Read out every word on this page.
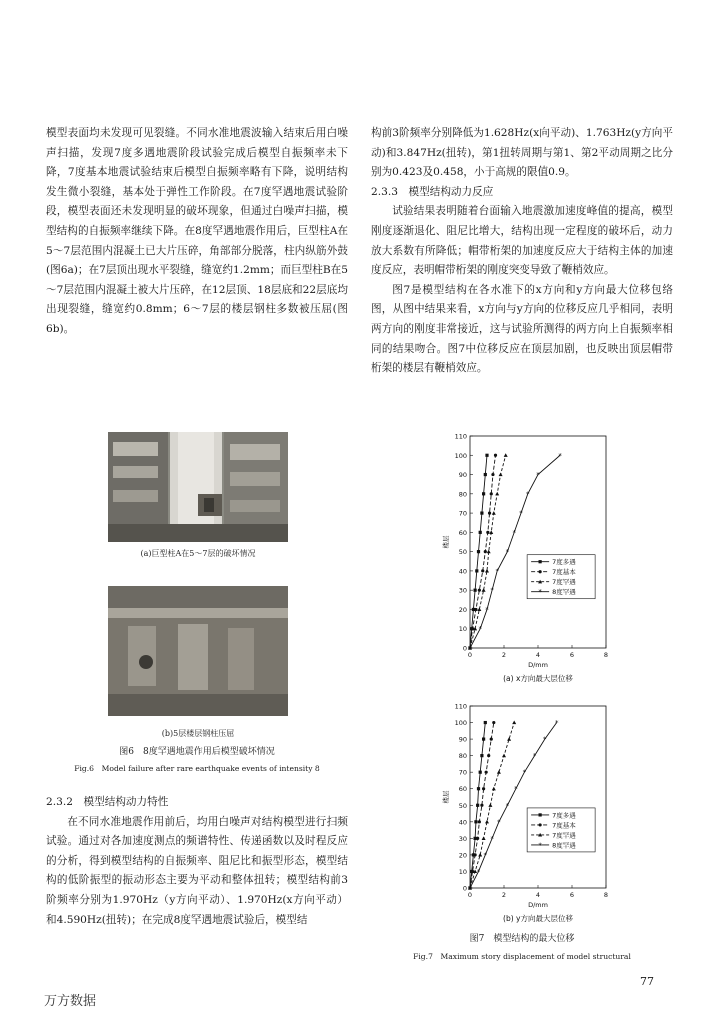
模型表面均未发现可见裂缝。不同水准地震波输入结束后用白噪声扫描，发现7度多遇地震阶段试验完成后模型自振频率未下降，7度基本地震试验结束后模型自振频率略有下降，说明结构发生微小裂缝，基本处于弹性工作阶段。在7度罕遇地震试验阶段，模型表面还未发现明显的破坏现象，但通过白噪声扫描，模型结构的自振频率继续下降。在8度罕遇地震作用后，巨型柱A在5～7层范围内混凝土已大片压碎，角部部分脱落，柱内纵筋外鼓(图6a)；在7层顶出现水平裂缝，缝宽约1.2mm；而巨型柱B在5～7层范围内混凝土被大片压碎，在12层顶、18层底和22层底均出现裂缝，缝宽约0.8mm；6～7层的楼层钢柱多数被压屈(图6b)。

(a)巨型柱A在5～7层的破坏情况
(b)5层楼层钢柱压屈
图6　8度罕遇地震作用后模型破坏情况
Fig.6　Model failure after rare earthquake events of intensity 8

2.3.2　模型结构动力特性

在不同水准地震作用前后，均用白噪声对结构模型进行扫频试验。通过对各加速度测点的频谱特性、传递函数以及时程反应的分析，得到模型结构的自振频率、阻尼比和振型形态，模型结构的低阶振型的振动形态主要为平动和整体扭转；模型结构前3阶频率分别为1.970Hz（y方向平动）、1.970Hz(x方向平动）和4.590Hz(扭转)；在完成8度罕遇地震试验后，模型结

构前3阶频率分别降低为1.628Hz(x向平动)、1.763Hz(y方向平动)和3.847Hz(扭转)，第1扭转周期与第1、第2平动周期之比分别为0.423及0.458，小于高规的限值0.9。

2.3.3　模型结构动力反应

试验结果表明随着台面输入地震激加速度峰值的提高，模型刚度逐渐退化、阻尼比增大，结构出现一定程度的破坏后，动力放大系数有所降低；帽带桁架的加速度反应大于结构主体的加速度反应，表明帽带桁架的刚度突变导致了鞭梢效应。

图7是模型结构在各水准下的x方向和y方向最大位移包络图，从图中结果来看，x方向与y方向的位移反应几乎相同，表明两方向的刚度非常接近，这与试验所测得的两方向上自振频率相同的结果吻合。图7中位移反应在顶层加剧，也反映出顶层帽带桁架的楼层有鞭梢效应。

0
10
20
30
40
50
60
70
80
90
100
110
0	2	4	6	8
D/mm
楼层
*
*
*
*
*
*
*
*
*
*
*
7度多遇
7度基本
7度罕遇
* 8度罕遇
(a) x方向最大层位移
0
10
20
30
40
50
60
70
80
90
100
110
0	2	4	6	8
D/mm
楼层
*
*
*
*
*
*
*
*
*
*
*
7度多遇
7度基本
7度罕遇
* 8度罕遇
(b) y方向最大层位移
图7　模型结构的最大位移
Fig.7　Maximum story displacement of model structural
77
万方数据
